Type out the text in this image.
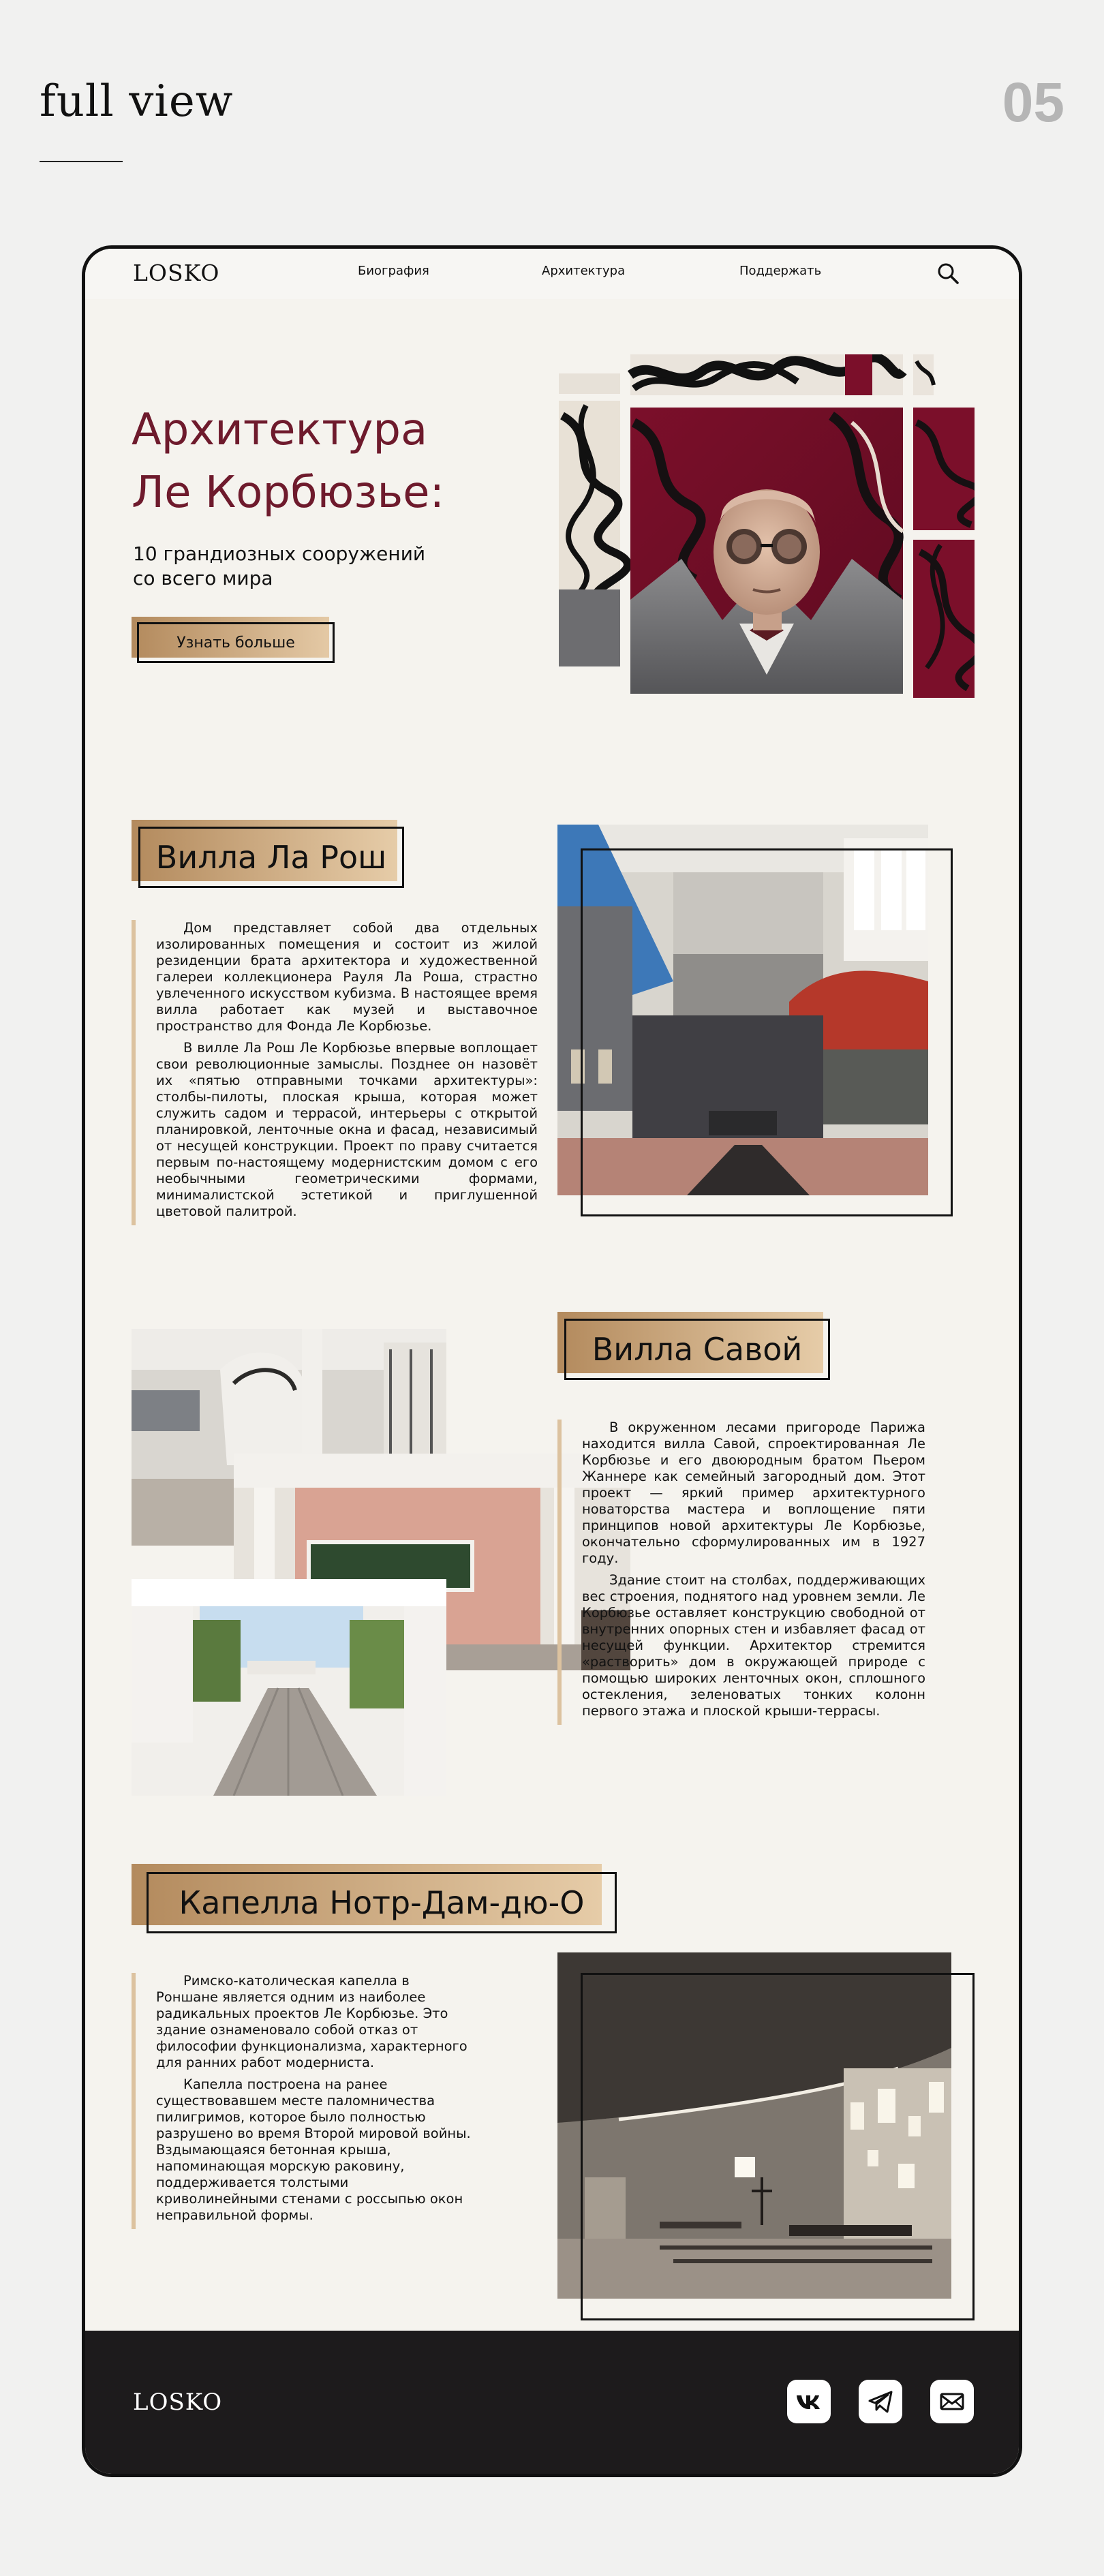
full view	05
LOSKO	Биография	Архитектура	Поддержать
Архитектура
Ле Корбюзье:
10 грандиозных сооружений
со всего мира
Узнать больше
Вилла Ла Рош

Дом представляет собой два отдельных изолированных помещения и состоит из жилой резиденции брата архитектора и художественной галереи коллекционера Рауля Ла Роша, страстно увлеченного искусством кубизма. В настоящее время вилла работает как музей и выставочное пространство для Фонда Ле Корбюзье.

В вилле Ла Рош Ле Корбюзье впервые воплощает свои революционные замыслы. Позднее он назовёт их «пятью отправными точками архитектуры»: столбы-пилоты, плоская крыша, которая может служить садом и террасой, интерьеры с открытой планировкой, ленточные окна и фасад, независимый от несущей конструкции. Проект по праву считается первым по-настоящему модернистским домом с его необычными геометрическими формами, минималистской эстетикой и приглушенной цветовой палитрой.

Вилла Савой

В окруженном лесами пригороде Парижа находится вилла Савой, спроектированная Ле Корбюзье и его двоюродным братом Пьером Жаннере как семейный загородный дом. Этот проект — яркий пример архитектурного новаторства мастера и воплощение пяти принципов новой архитектуры Ле Корбюзье, окончательно сформулированных им в 1927 году.

Здание стоит на столбах, поддерживающих вес строения, поднятого над уровнем земли. Ле Корбюзье оставляет конструкцию свободной от внутренних опорных стен и избавляет фасад от несущей функции. Архитектор стремится «растворить» дом в окружающей природе с помощью широких ленточных окон, сплошного остекления, зеленоватых тонких колонн первого этажа и плоской крыши-террасы.

Капелла Нотр-Дам-дю-О

Римско-католическая капелла в Роншане является одним из наиболее радикальных проектов Ле Корбюзье. Это здание ознаменовало собой отказ от философии функционализма, характерного для ранних работ модерниста.

Капелла построена на ранее существовавшем месте паломничества пилигримов, которое было полностью разрушено во время Второй мировой войны. Вздымающаяся бетонная крыша, напоминающая морскую раковину, поддерживается толстыми криволинейными стенами с россыпью окон неправильной формы.

LOSKO
